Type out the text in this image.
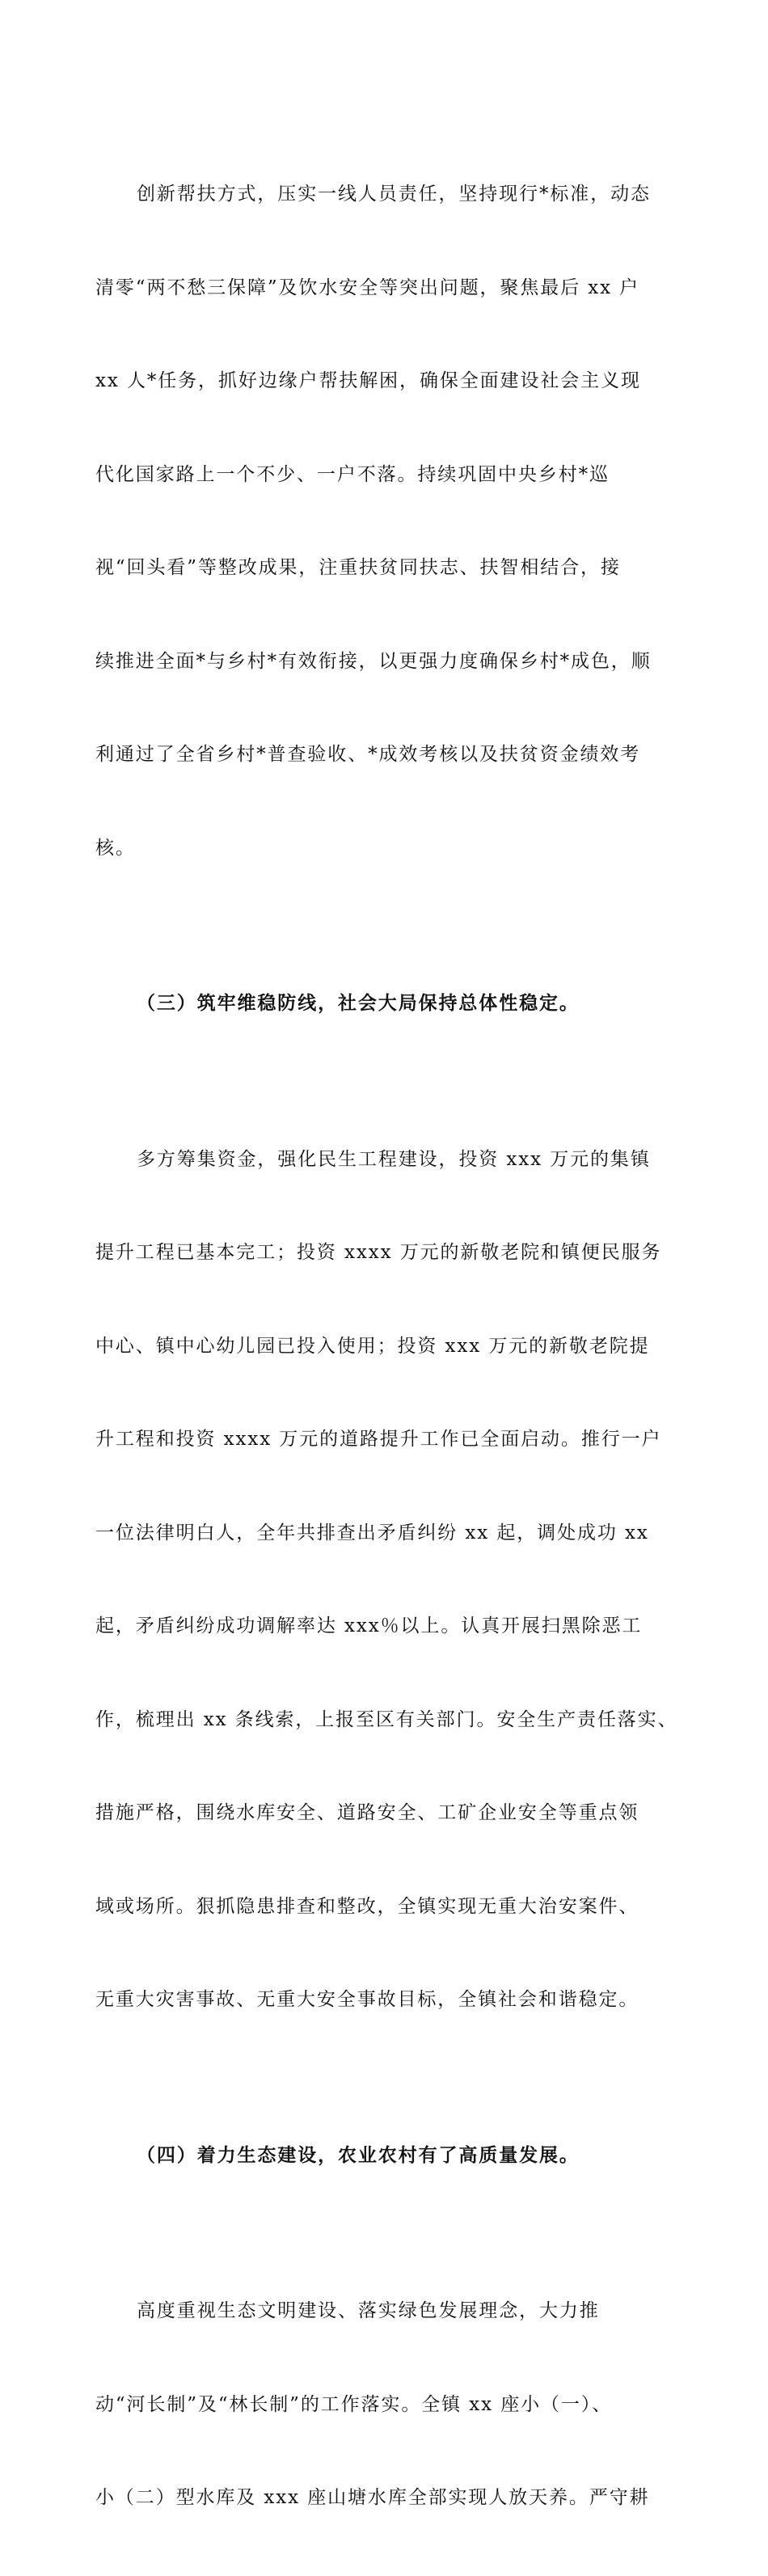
创新帮扶方式，压实一线人员责任，坚持现行*标准，动态

清零“两不愁三保障”及饮水安全等突出问题，聚焦最后 xx 户

xx 人*任务，抓好边缘户帮扶解困，确保全面建设社会主义现

代化国家路上一个不少、一户不落。持续巩固中央乡村*巡

视“回头看”等整改成果，注重扶贫同扶志、扶智相结合，接

续推进全面*与乡村*有效衔接，以更强力度确保乡村*成色，顺

利通过了全省乡村*普查验收、*成效考核以及扶贫资金绩效考

核。

（三）筑牢维稳防线，社会大局保持总体性稳定。

多方筹集资金，强化民生工程建设，投资 xxx 万元的集镇

提升工程已基本完工；投资 xxxx 万元的新敬老院和镇便民服务

中心、镇中心幼儿园已投入使用；投资 xxx 万元的新敬老院提

升工程和投资 xxxx 万元的道路提升工作已全面启动。推行一户

一位法律明白人，全年共排查出矛盾纠纷 xx 起，调处成功 xx

起，矛盾纠纷成功调解率达 xxx％以上。认真开展扫黑除恶工

作，梳理出 xx 条线索，上报至区有关部门。安全生产责任落实、

措施严格，围绕水库安全、道路安全、工矿企业安全等重点领

域或场所。狠抓隐患排查和整改，全镇实现无重大治安案件、

无重大灾害事故、无重大安全事故目标，全镇社会和谐稳定。

（四）着力生态建设，农业农村有了高质量发展。

高度重视生态文明建设、落实绿色发展理念，大力推

动“河长制”及“林长制”的工作落实。全镇 xx 座小（一）、

小（二）型水库及 xxx 座山塘水库全部实现人放天养。严守耕
